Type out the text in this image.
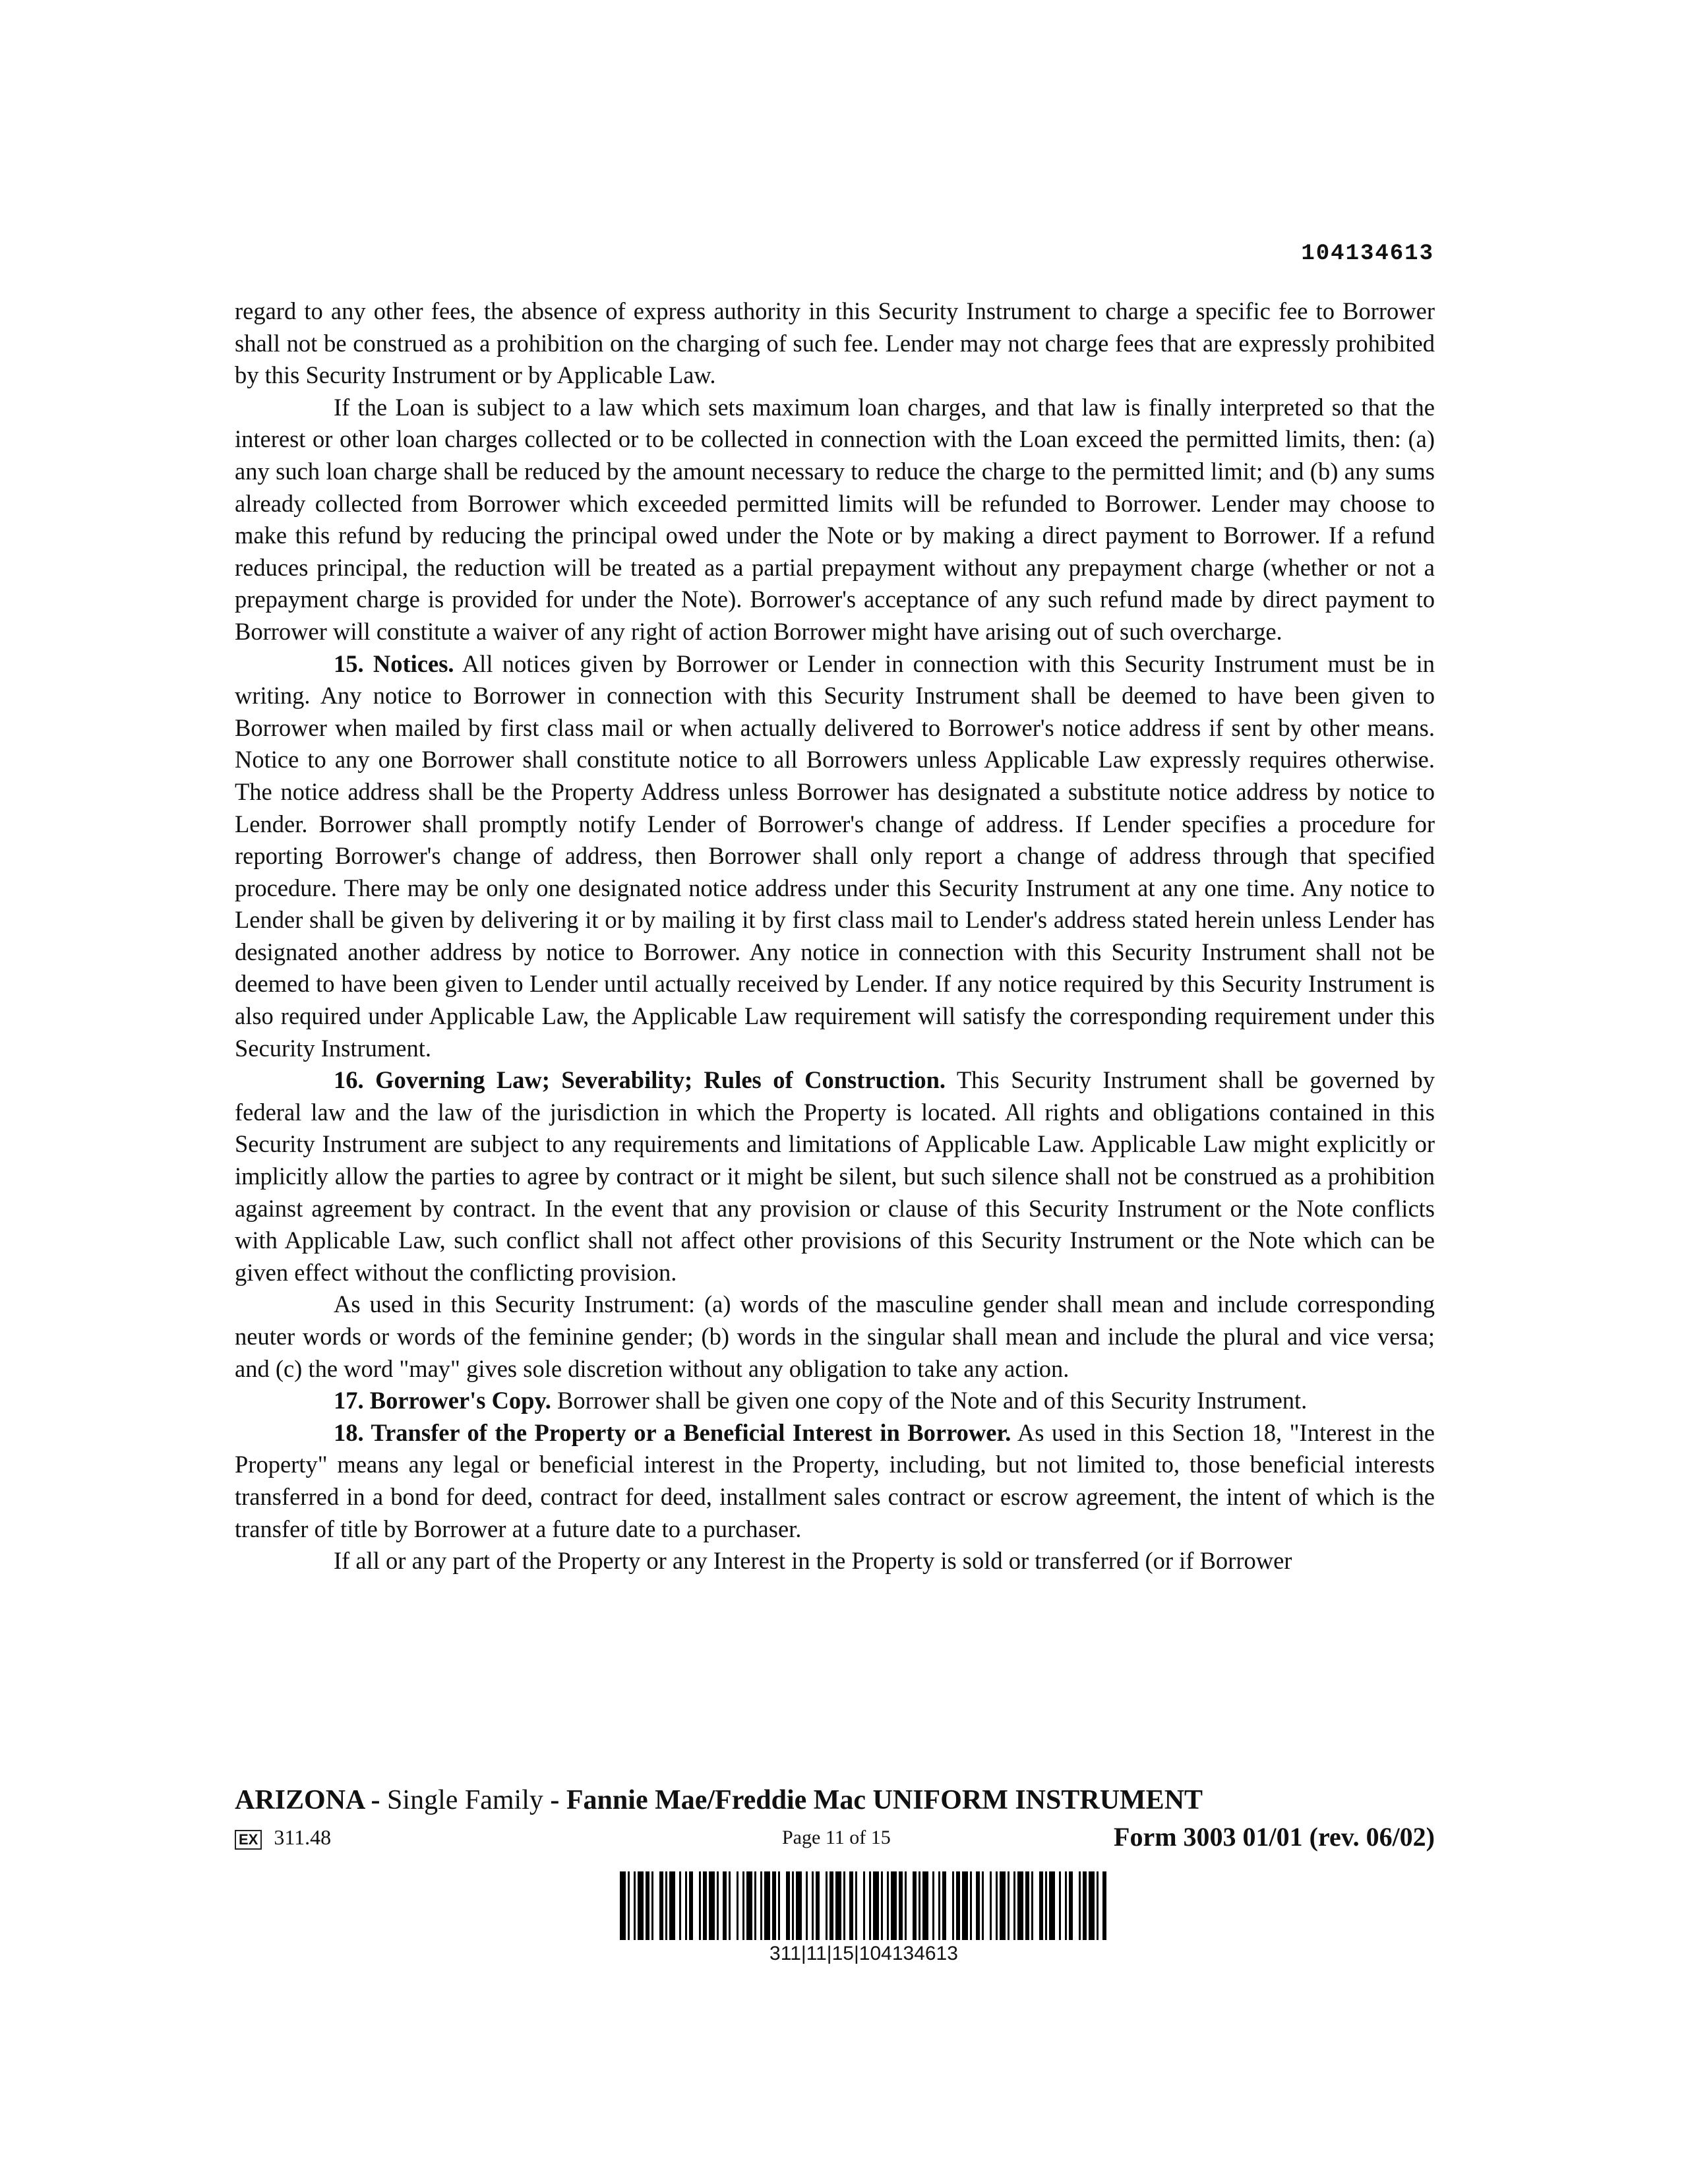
104134613

regard to any other fees, the absence of express authority in this Security Instrument to charge a specific fee to Borrower shall not be construed as a prohibition on the charging of such fee. Lender may not charge fees that are expressly prohibited by this Security Instrument or by Applicable Law.

If the Loan is subject to a law which sets maximum loan charges, and that law is finally interpreted so that the interest or other loan charges collected or to be collected in connection with the Loan exceed the permitted limits, then: (a) any such loan charge shall be reduced by the amount necessary to reduce the charge to the permitted limit; and (b) any sums already collected from Borrower which exceeded permitted limits will be refunded to Borrower. Lender may choose to make this refund by reducing the principal owed under the Note or by making a direct payment to Borrower. If a refund reduces principal, the reduction will be treated as a partial prepayment without any prepayment charge (whether or not a prepayment charge is provided for under the Note). Borrower's acceptance of any such refund made by direct payment to Borrower will constitute a waiver of any right of action Borrower might have arising out of such overcharge.

15. Notices. All notices given by Borrower or Lender in connection with this Security Instrument must be in writing. Any notice to Borrower in connection with this Security Instrument shall be deemed to have been given to Borrower when mailed by first class mail or when actually delivered to Borrower's notice address if sent by other means. Notice to any one Borrower shall constitute notice to all Borrowers unless Applicable Law expressly requires otherwise. The notice address shall be the Property Address unless Borrower has designated a substitute notice address by notice to Lender. Borrower shall promptly notify Lender of Borrower's change of address. If Lender specifies a procedure for reporting Borrower's change of address, then Borrower shall only report a change of address through that specified procedure. There may be only one designated notice address under this Security Instrument at any one time. Any notice to Lender shall be given by delivering it or by mailing it by first class mail to Lender's address stated herein unless Lender has designated another address by notice to Borrower. Any notice in connection with this Security Instrument shall not be deemed to have been given to Lender until actually received by Lender. If any notice required by this Security Instrument is also required under Applicable Law, the Applicable Law requirement will satisfy the corresponding requirement under this Security Instrument.

16. Governing Law; Severability; Rules of Construction. This Security Instrument shall be governed by federal law and the law of the jurisdiction in which the Property is located. All rights and obligations contained in this Security Instrument are subject to any requirements and limitations of Applicable Law. Applicable Law might explicitly or implicitly allow the parties to agree by contract or it might be silent, but such silence shall not be construed as a prohibition against agreement by contract. In the event that any provision or clause of this Security Instrument or the Note conflicts with Applicable Law, such conflict shall not affect other provisions of this Security Instrument or the Note which can be given effect without the conflicting provision.

As used in this Security Instrument: (a) words of the masculine gender shall mean and include corresponding neuter words or words of the feminine gender; (b) words in the singular shall mean and include the plural and vice versa; and (c) the word "may" gives sole discretion without any obligation to take any action.

17. Borrower's Copy. Borrower shall be given one copy of the Note and of this Security Instrument.

18. Transfer of the Property or a Beneficial Interest in Borrower. As used in this Section 18, "Interest in the Property" means any legal or beneficial interest in the Property, including, but not limited to, those beneficial interests transferred in a bond for deed, contract for deed, installment sales contract or escrow agreement, the intent of which is the transfer of title by Borrower at a future date to a purchaser.

If all or any part of the Property or any Interest in the Property is sold or transferred (or if Borrower

ARIZONA - Single Family - Fannie Mae/Freddie Mac UNIFORM INSTRUMENT
EX 311.48	Page 11 of 15	Form 3003 01/01 (rev. 06/02)
311|11|15|104134613
